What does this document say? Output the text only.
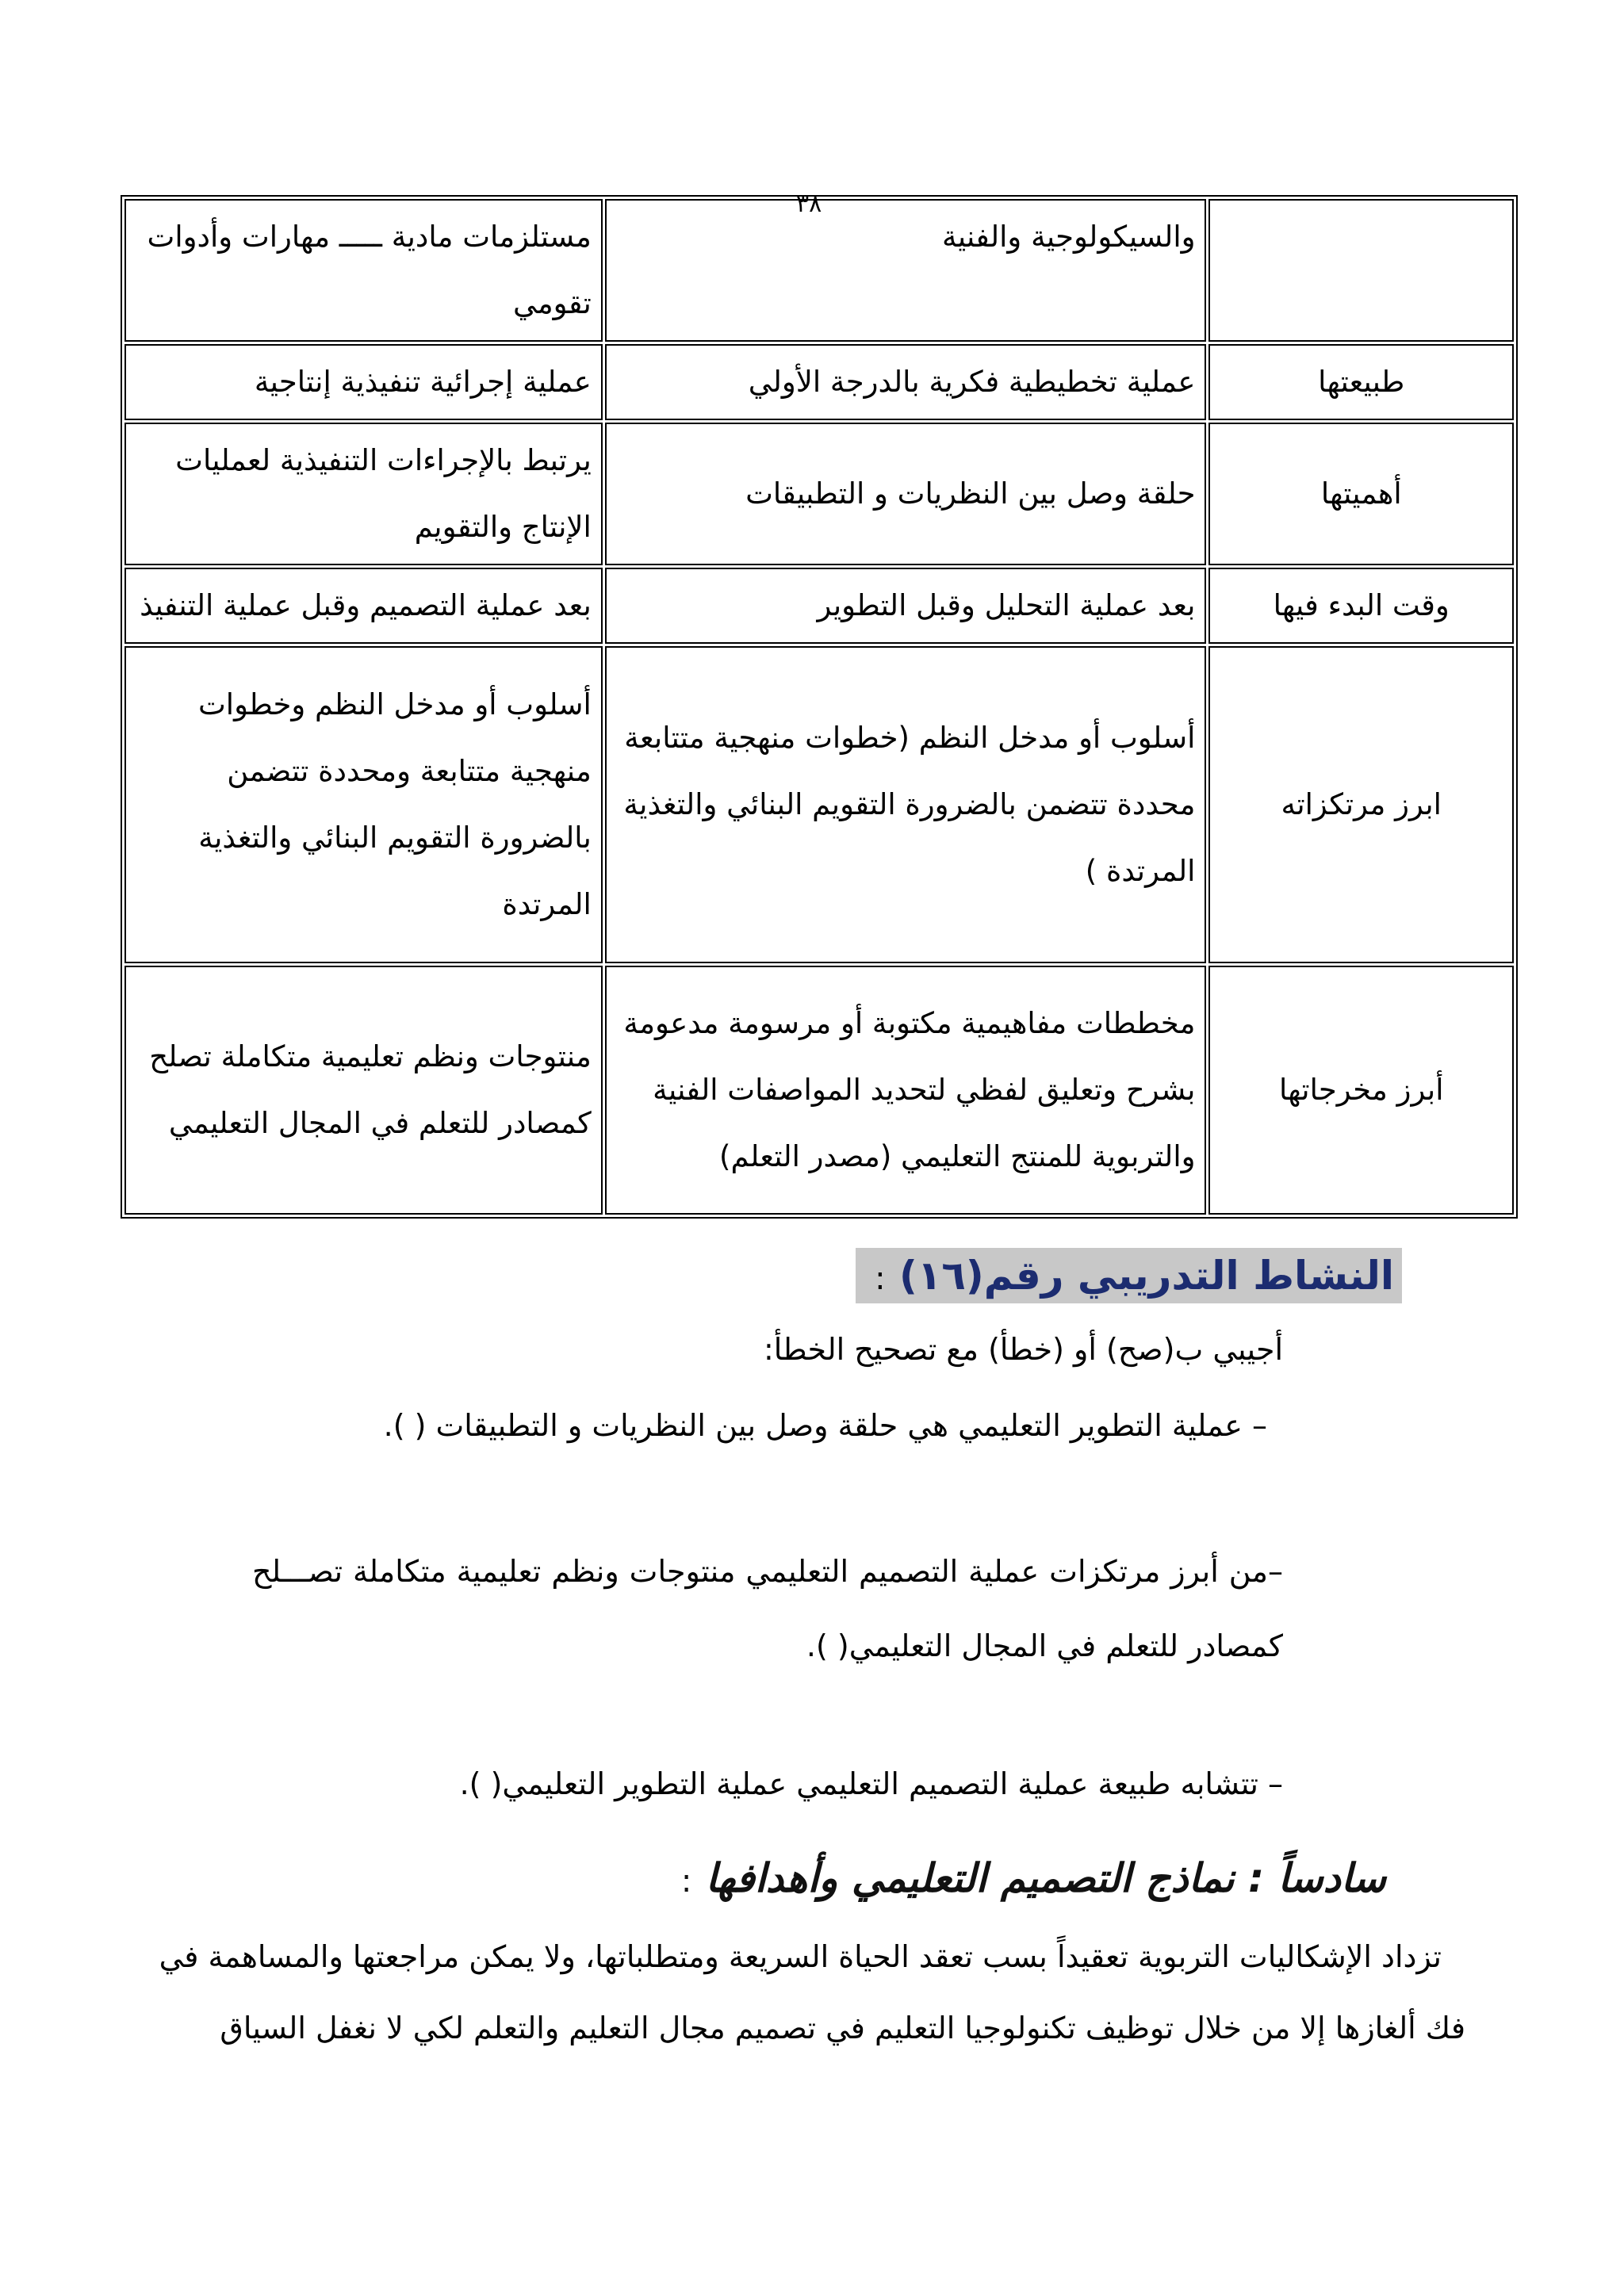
٣٨
	والسيكولوجية والفنية	مستلزمات مادية ـــــ مهارات وأدوات تقومي
طبيعتها	عملية تخطيطية فكرية بالدرجة الأولي	عملية إجرائية تنفيذية إنتاجية
أهميتها	حلقة وصل بين النظريات و التطبيقات	يرتبط بالإجراءات التنفيذية لعمليات الإنتاج والتقويم
وقت البدء فيها	بعد عملية التحليل وقبل التطوير	بعد عملية التصميم وقبل عملية التنفيذ
ابرز مرتكزاته	أسلوب أو مدخل النظم (خطوات منهجية متتابعة محددة تتضمن بالضرورة التقويم البنائي والتغذية المرتدة )	أسلوب أو مدخل النظم وخطوات منهجية متتابعة ومحددة تتضمن بالضرورة التقويم البنائي والتغذية المرتدة
أبرز مخرجاتها	مخططات مفاهيمية مكتوبة أو مرسومة مدعومة بشرح وتعليق لفظي لتحديد المواصفات الفنية والتربوية للمنتج التعليمي (مصدر التعلم)	منتوجات ونظم تعليمية متكاملة تصلح كمصادر للتعلم في المجال التعليمي
النشاط التدريبي رقم(١٦) :
أجيبي ب(صح) أو (خطأ) مع تصحيح الخطأ:
– عملية التطوير التعليمي هي حلقة وصل بين النظريات و التطبيقات ( ).
–من أبرز مرتكزات عملية التصميم التعليمي منتوجات ونظم تعليمية متكاملة تصـــلح
كمصادر للتعلم في المجال التعليمي( ).
– تتشابه طبيعة عملية التصميم التعليمي عملية التطوير التعليمي( ).
سادساً : نماذج التصميم التعليمي وأهدافها :
تزداد الإشكاليات التربوية تعقيداً بسب تعقد الحياة السريعة ومتطلباتها، ولا يمكن مراجعتها والمساهمة في
فك ألغازها إلا من خلال توظيف تكنولوجيا التعليم في تصميم مجال التعليم والتعلم لكي لا نغفل السياق
